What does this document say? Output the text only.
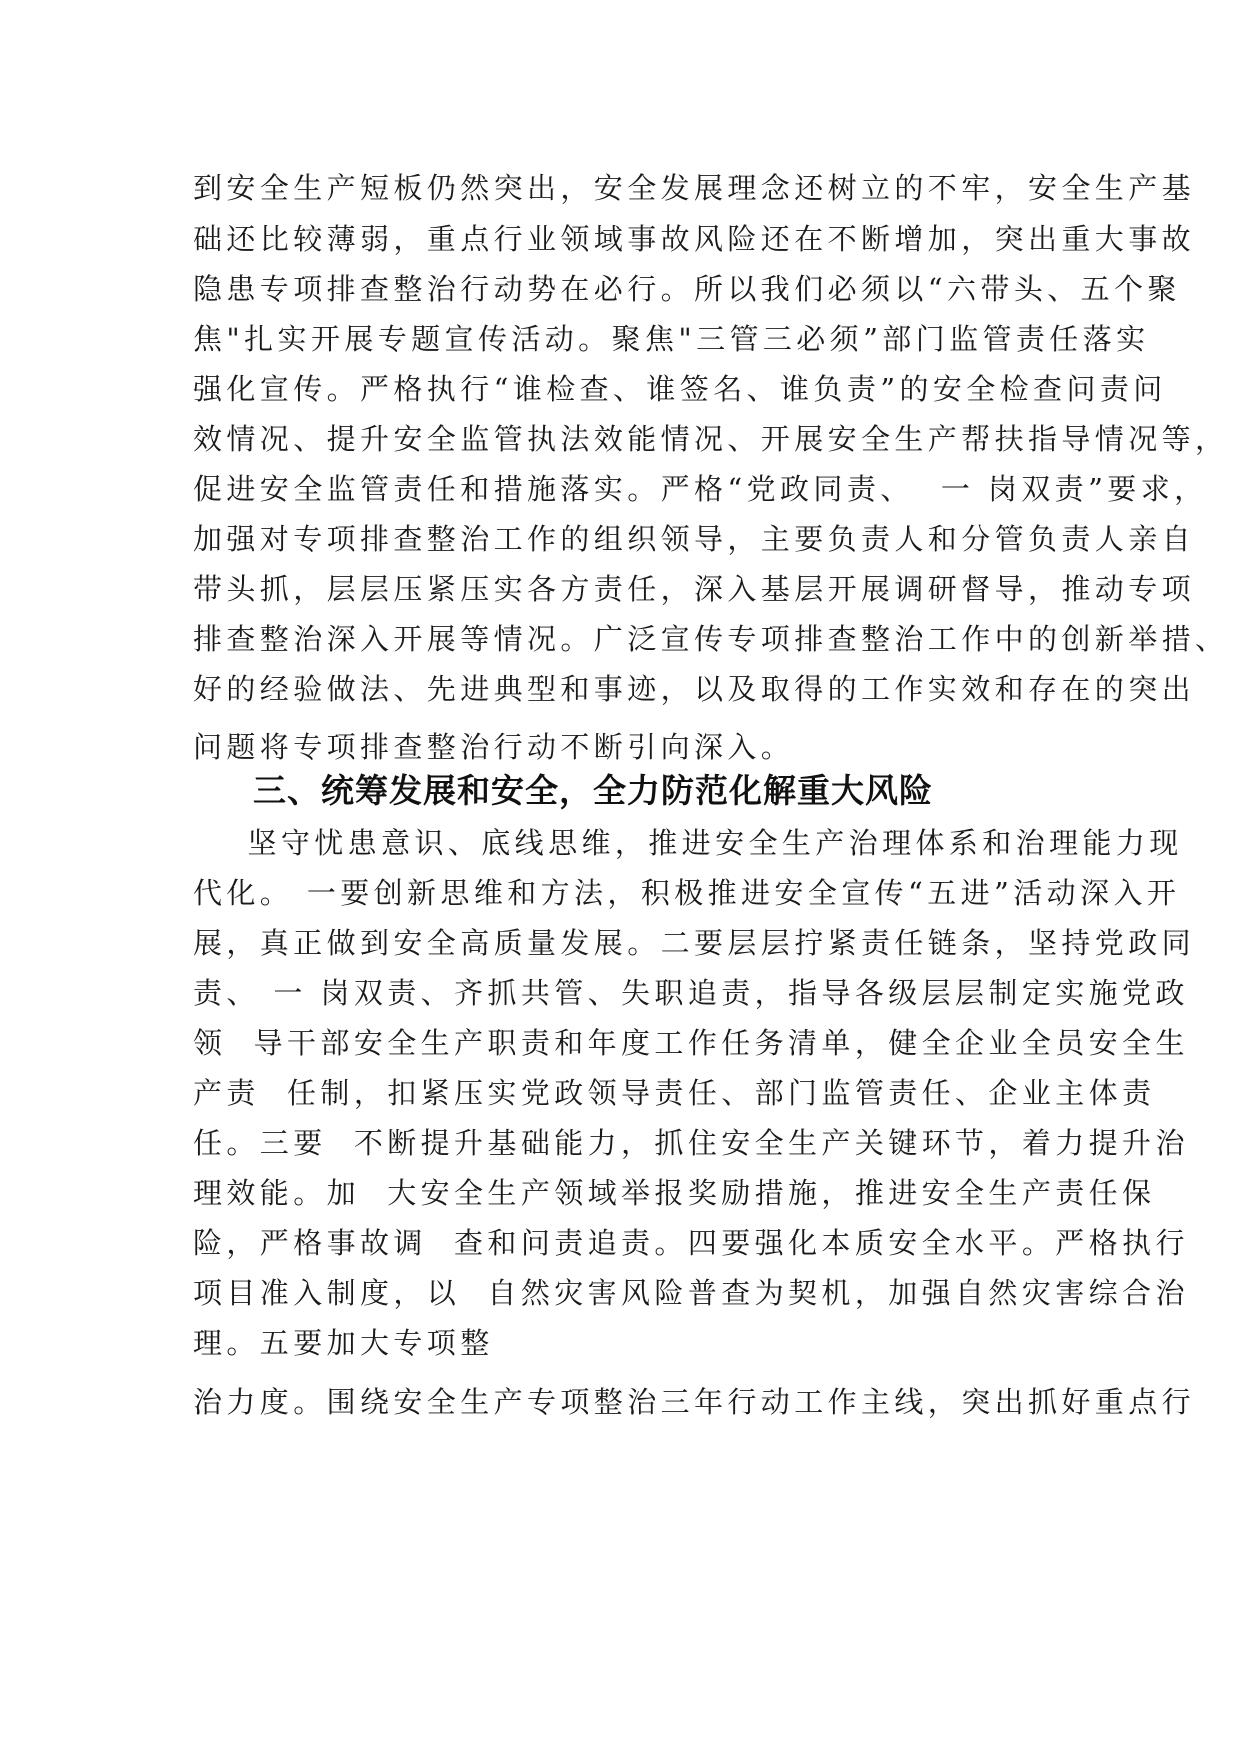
到安全生产短板仍然突出，安全发展理念还树立的不牢，安全生产基
础还比较薄弱，重点行业领域事故风险还在不断增加，突出重大事故
隐患专项排查整治行动势在必行。所以我们必须以“六带头、五个聚
焦"扎实开展专题宣传活动。聚焦"三管三必须”部门监管责任落实
强化宣传。严格执行“谁检查、谁签名、谁负责”的安全检查问责问
效情况、提升安全监管执法效能情况、开展安全生产帮扶指导情况等，
促进安全监管责任和措施落实。严格“党政同责、  一 岗双责”要求，
加强对专项排查整治工作的组织领导，主要负责人和分管负责人亲自
带头抓，层层压紧压实各方责任，深入基层开展调研督导，推动专项
排查整治深入开展等情况。广泛宣传专项排查整治工作中的创新举措、
好的经验做法、先进典型和事迹，以及取得的工作实效和存在的突出
问题将专项排查整治行动不断引向深入。
三、统筹发展和安全，全力防范化解重大风险
坚守忧患意识、底线思维，推进安全生产治理体系和治理能力现
代化。 一要创新思维和方法，积极推进安全宣传“五进”活动深入开
展，真正做到安全高质量发展。二要层层拧紧责任链条，坚持党政同
责、 一 岗双责、齐抓共管、失职追责，指导各级层层制定实施党政
领  导干部安全生产职责和年度工作任务清单，健全企业全员安全生
产责  任制，扣紧压实党政领导责任、部门监管责任、企业主体责
任。三要  不断提升基础能力，抓住安全生产关键环节，着力提升治
理效能。加  大安全生产领域举报奖励措施，推进安全生产责任保
险，严格事故调  查和问责追责。四要强化本质安全水平。严格执行
项目准入制度，以  自然灾害风险普查为契机，加强自然灾害综合治
理。五要加大专项整
治力度。围绕安全生产专项整治三年行动工作主线，突出抓好重点行
